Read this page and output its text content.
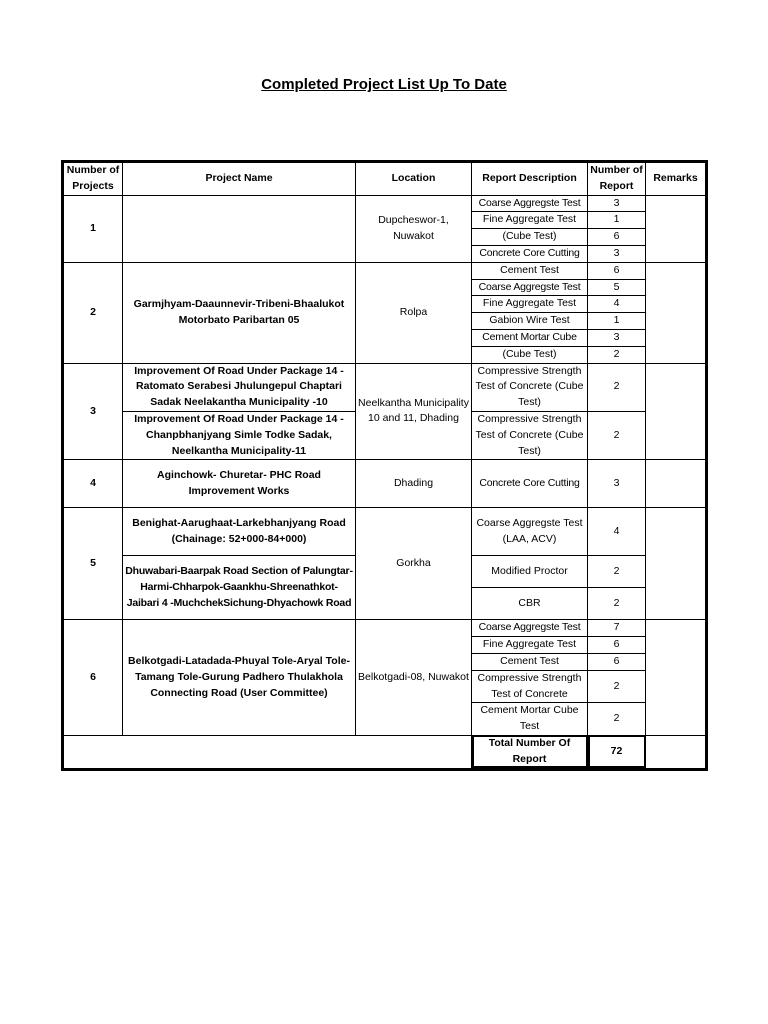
Completed Project List Up To Date
Number of Projects	Project Name	Location	Report Description	Number of Report	Remarks
1		Dupcheswor-1, Nuwakot	Coarse Aggregste Test	3	
			Fine Aggregate Test	1	
			(Cube Test)	6	
			Concrete Core Cutting	3	
2	Garmjhyam-Daaunnevir-Tribeni-Bhaalukot Motorbato Paribartan 05	Rolpa	Cement Test	6	
			Coarse Aggregste Test	5	
			Fine Aggregate Test	4	
			Gabion Wire Test	1	
			Cement Mortar Cube	3	
			(Cube Test)	2	
3	Improvement Of Road Under Package 14 - Ratomato Serabesi Jhulungepul Chaptari Sadak Neelakantha Municipality -10	Neelkantha Municipality 10 and 11, Dhading	Compressive Strength Test of Concrete (Cube Test)	2	
	Improvement Of Road Under Package 14 - Chanpbhanjyang Simle Todke Sadak, Neelkantha Municipality-11		Compressive Strength Test of Concrete (Cube Test)	2	
4	Aginchowk- Churetar- PHC Road Improvement Works	Dhading	Concrete Core Cutting	3	
5	Benighat-Aarughaat-Larkebhanjyang Road (Chainage: 52+000-84+000)	Gorkha	Coarse Aggregste Test (LAA, ACV)	4	
	Dhuwabari-Baarpak Road Section of Palungtar-Harmi-Chharpok-Gaankhu-Shreenathkot-Jaibari 4 -MuchchekSichung-Dhyachowk Road		Modified Proctor	2	
			CBR	2	
6	Belkotgadi-Latadada-Phuyal Tole-Aryal Tole-Tamang Tole-Gurung Padhero Thulakhola Connecting Road (User Committee)	Belkotgadi-08, Nuwakot	Coarse Aggregste Test	7	
			Fine Aggregate Test	6	
			Cement Test	6	
			Compressive Strength Test of Concrete	2	
			Cement Mortar Cube Test	2	
			Total Number Of Report	72	
